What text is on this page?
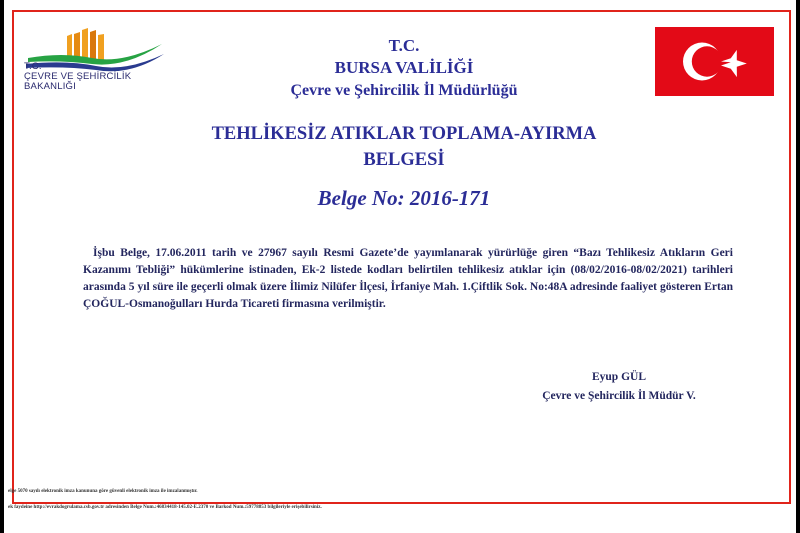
T.C.
ÇEVRE VE ŞEHİRCİLİK
BAKANLIĞI
T.C.
BURSA VALİLİĞİ
Çevre ve Şehircilik İl Müdürlüğü
TEHLİKESİZ ATIKLAR TOPLAMA-AYIRMA
BELGESİ
Belge No: 2016-171
İşbu Belge, 17.06.2011 tarih ve 27967 sayılı Resmi Gazete’de yayımlanarak yürürlüğe giren “Bazı Tehlikesiz Atıkların Geri Kazanımı Tebliği” hükümlerine istinaden, Ek-2 listede kodları belirtilen tehlikesiz atıklar için (08/02/2016-08/02/2021) tarihleri arasında 5 yıl süre ile geçerli olmak üzere İlimiz Nilüfer İlçesi, İrfaniye Mah. 1.Çiftlik Sok. No:48A adresinde faaliyet gösteren Ertan ÇOĞUL-Osmanoğulları Hurda Ticareti firmasına verilmiştir.
Eyup GÜL
Çevre ve Şehircilik İl Müdür V.
elge 5070 sayılı elektronik imza kanununa göre güvenli elektronik imza ile imzalanmıştır.
ek faydeine http://evrakdogrulama.csb.gov.tr adresinden Belge Num.:46834418-145.02-E.2370 ve Barkod Num.:59778853 bilgileriyle erişebilirsiniz.
